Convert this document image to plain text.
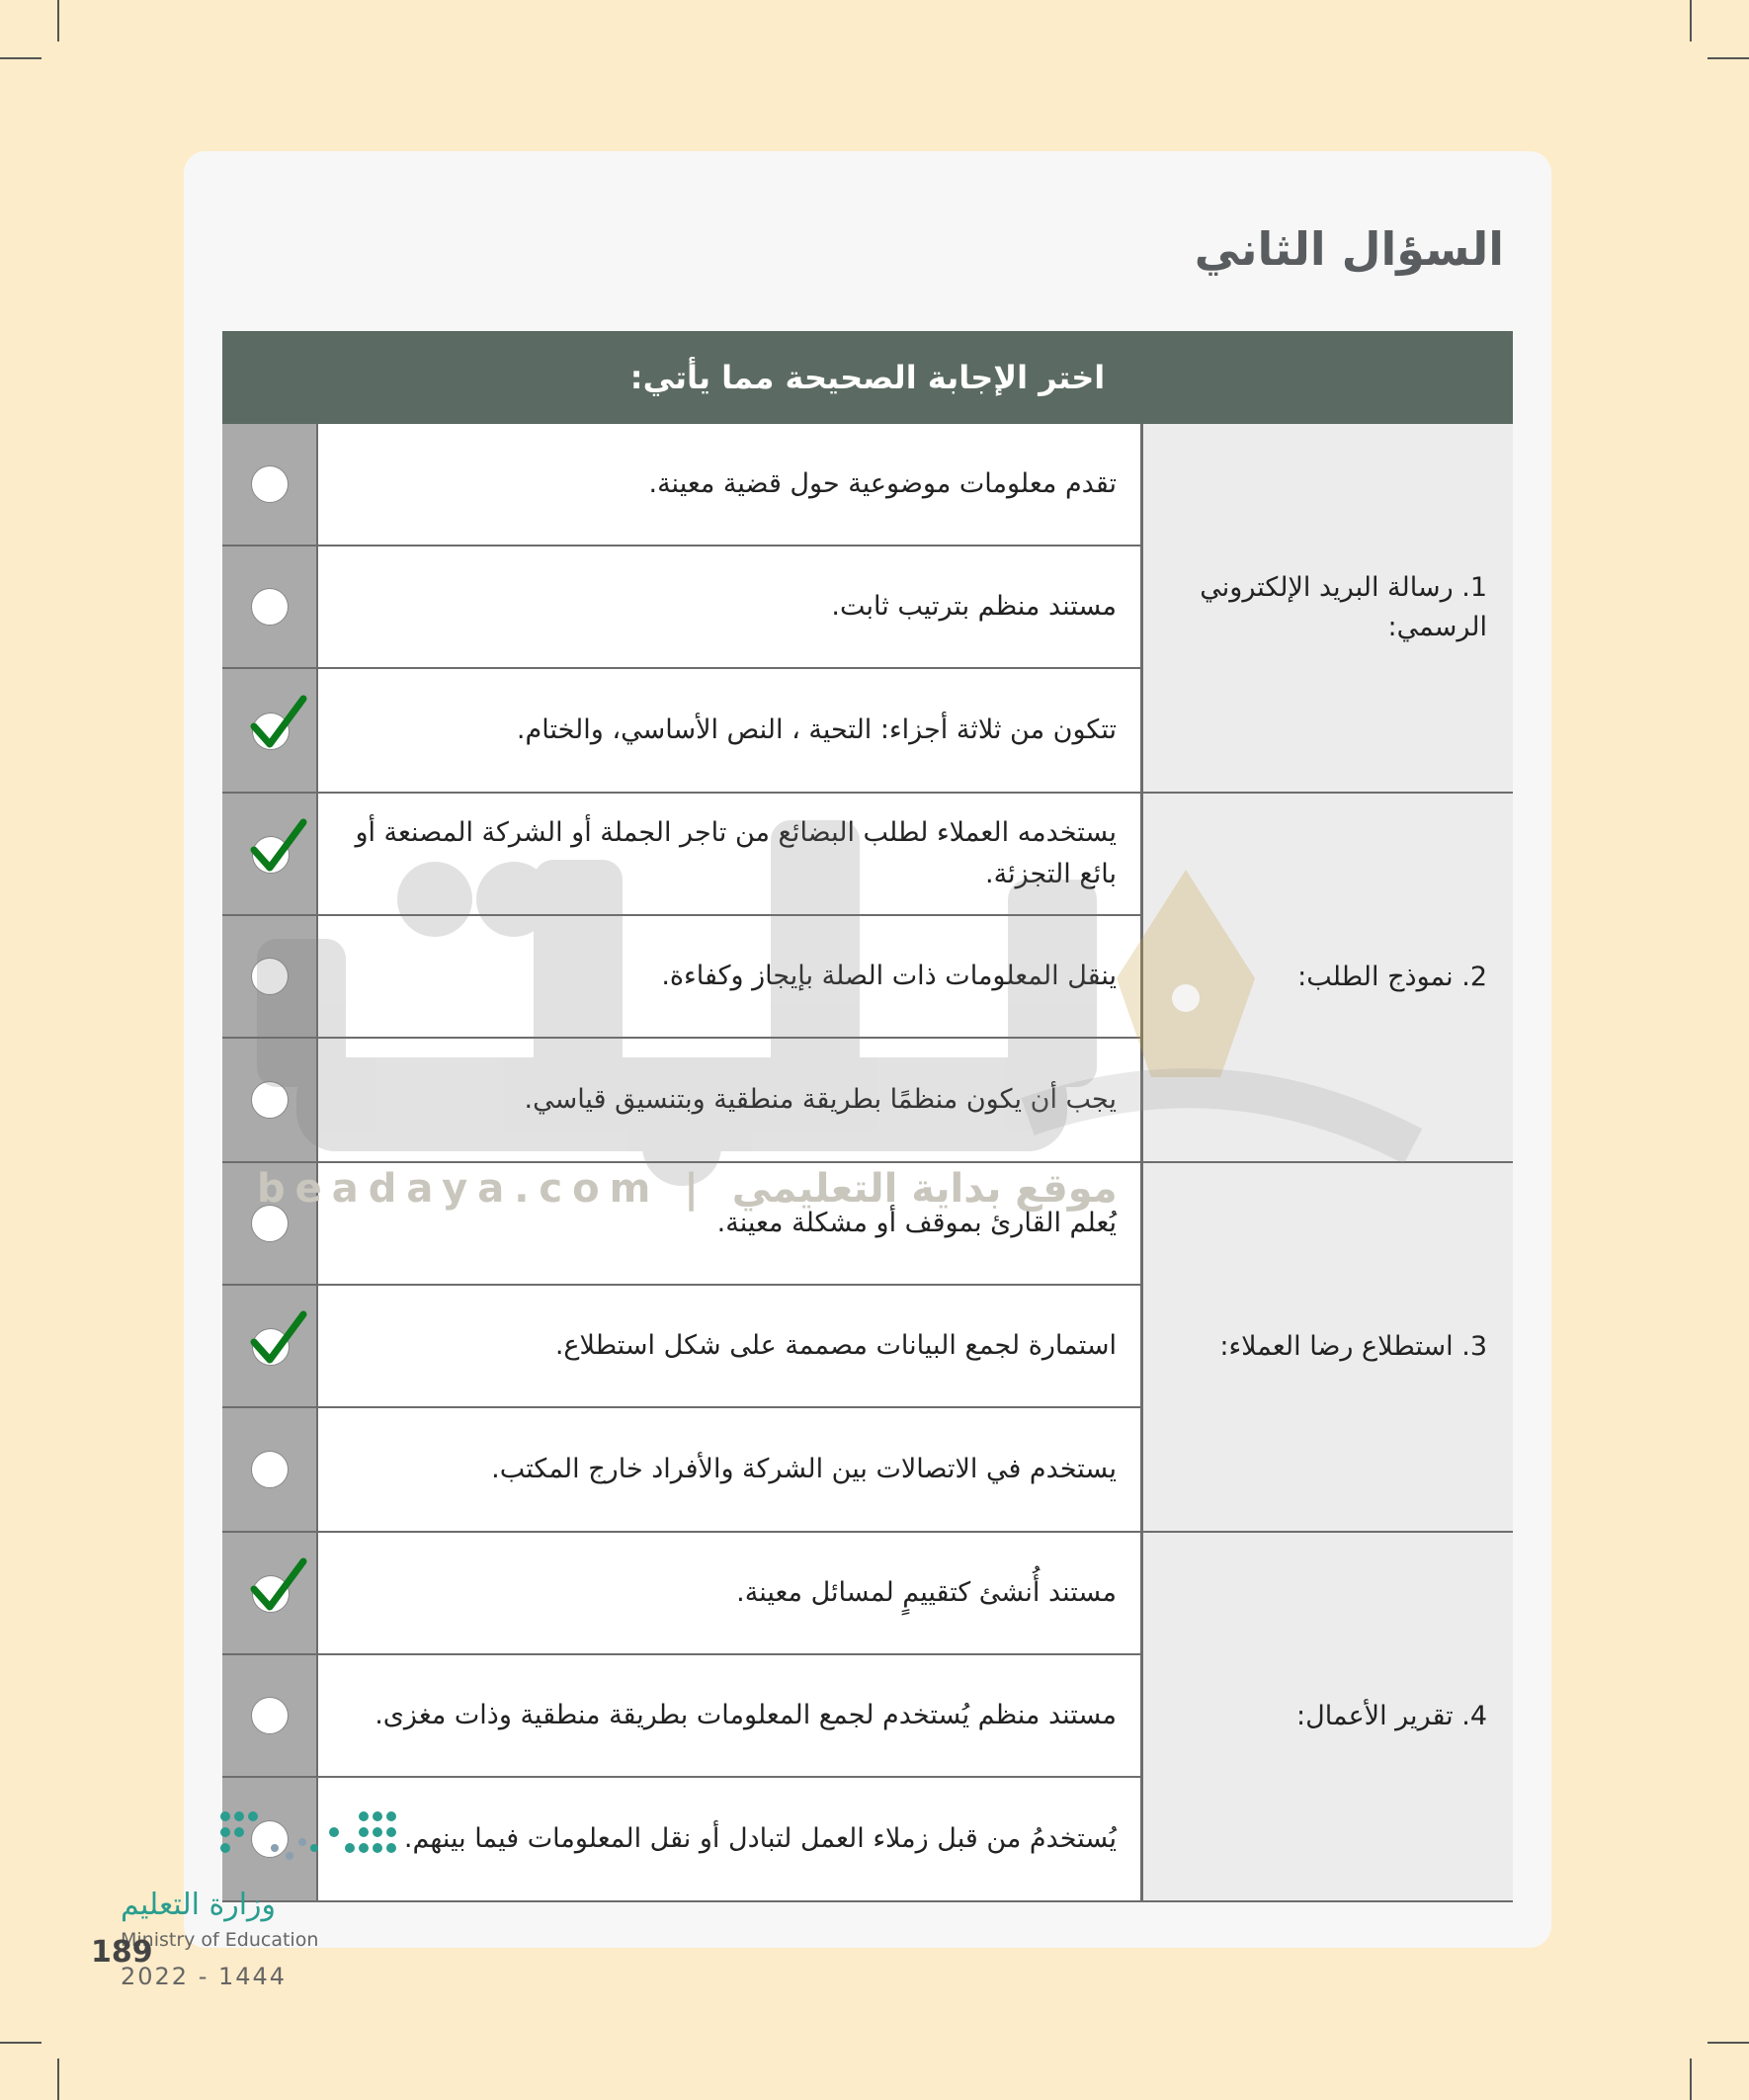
السؤال الثاني
اختر الإجابة الصحيحة مما يأتي:
1. رسالة البريد الإلكتروني الرسمي:
تقدم معلومات موضوعية حول قضية معينة.
مستند منظم بترتيب ثابت.
تتكون من ثلاثة أجزاء: التحية ، النص الأساسي، والختام.
2. نموذج الطلب:
يستخدمه العملاء لطلب البضائع من تاجر الجملة أو الشركة المصنعة أو بائع التجزئة.
ينقل المعلومات ذات الصلة بإيجاز وكفاءة.
يجب أن يكون منظمًا بطريقة منطقية وبتنسيق قياسي.
3. استطلاع رضا العملاء:
يُعلم القارئ بموقف أو مشكلة معينة.
استمارة لجمع البيانات مصممة على شكل استطلاع.
يستخدم في الاتصالات بين الشركة والأفراد خارج المكتب.
4. تقرير الأعمال:
مستند أُنشئ كتقييمٍ لمسائل معينة.
مستند منظم يُستخدم لجمع المعلومات بطريقة منطقية وذات مغزى.
يُستخدمُ من قبل زملاء العمل لتبادل أو نقل المعلومات فيما بينهم.
beadaya.com | موقع بداية التعليمي
وزارة التعليم
Ministry of Education
189
2022 - 1444
